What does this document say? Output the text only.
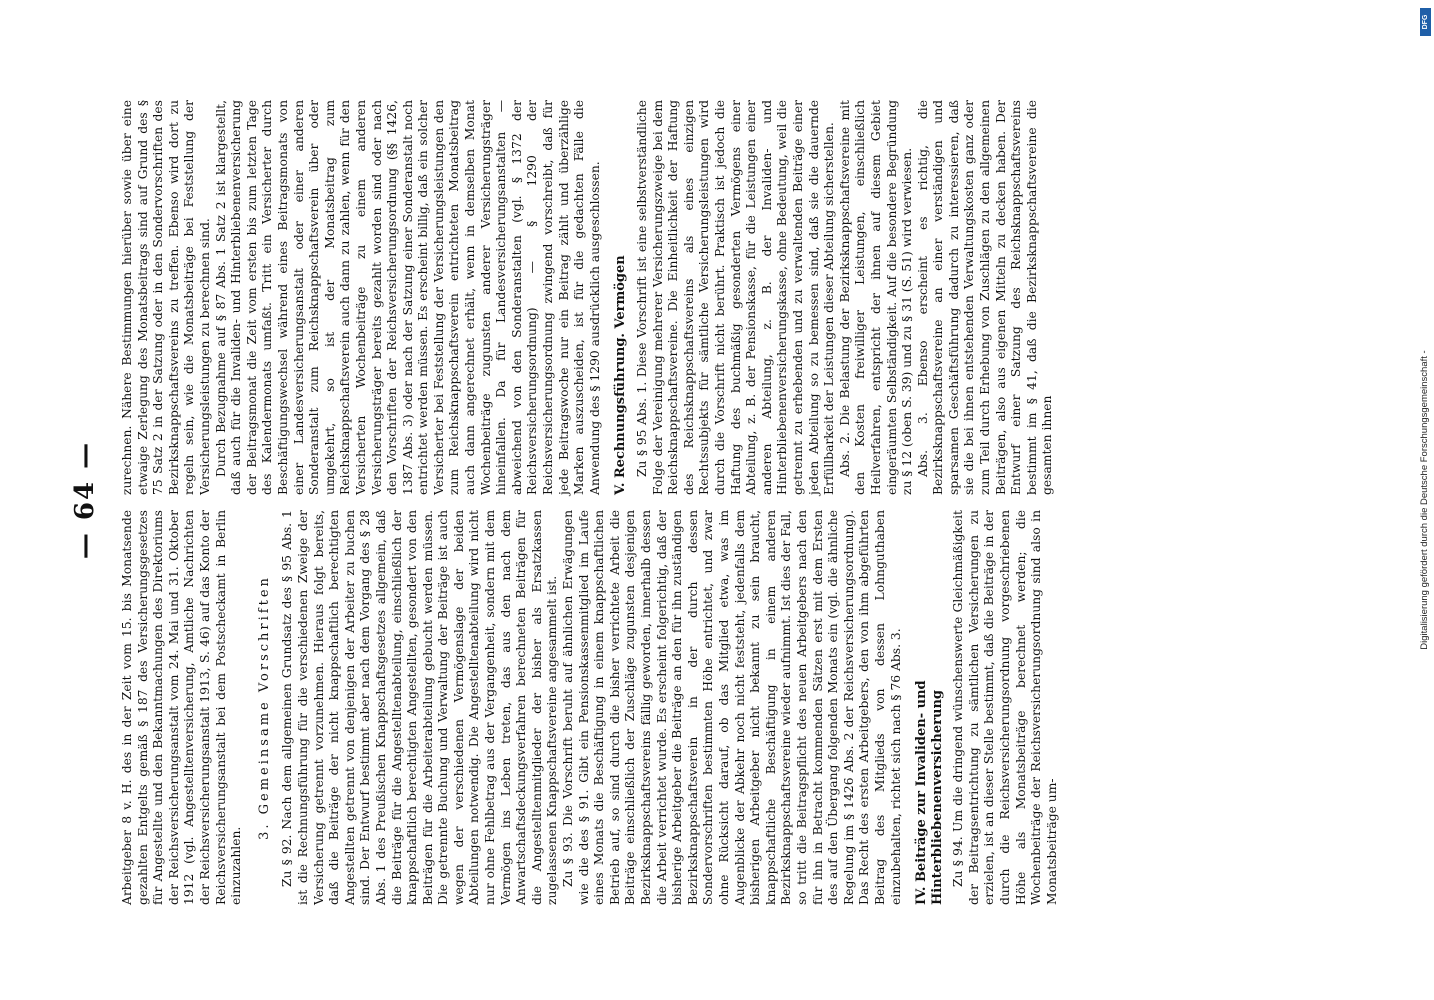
— 64 —

Arbeitgeber 8 v. H. des in der Zeit vom 15. bis Monatsende gezahlten Entgelts gemäß § 187 des Versicherungsgesetzes für Angestellte und den Bekanntmachungen des Direktoriums der Reichsversicherungsanstalt vom 24. Mai und 31. Oktober 1912 (vgl. Angestelltenversicherung, Amtliche Nachrichten der Reichsversicherungsanstalt 1913, S. 46) auf das Konto der Reichsversicherungsanstalt bei dem Postscheckamt in Berlin einzuzahlen.

3. Gemeinsame Vorschriften Zu § 92. Nach dem allgemeinen Grundsatz des § 95 Abs. 1 ist die Rechnungsführung für die verschiedenen Zweige der Versicherung getrennt vorzunehmen. Hieraus folgt bereits, daß die Beiträge der nicht knappschaftlich berechtigten Angestellten getrennt von denjenigen der Arbeiter zu buchen sind. Der Entwurf bestimmt aber nach dem Vorgang des § 28 Abs. 1 des Preußischen Knappschaftsgesetzes allgemein, daß die Beiträge für die Angestelltenabteilung, einschließlich der knappschaftlich berechtigten Angestellten, gesondert von den Beiträgen für die Arbeiterabteilung gebucht werden müssen. Die getrennte Buchung und Verwaltung der Beiträge ist auch wegen der verschiedenen Vermögenslage der beiden Abteilungen notwendig. Die Angestelltenabteilung wird nicht nur ohne Fehlbetrag aus der Vergangenheit, sondern mit dem Vermögen ins Leben treten, das aus den nach dem Anwartschaftsdeckungsverfahren berechneten Beiträgen für die Angestelltenmitglieder der bisher als Ersatzkassen zugelassenen Knappschaftsvereine angesammelt ist. Zu § 93. Die Vorschrift beruht auf ähnlichen Erwägungen wie die des § 91. Gibt ein Pensionskassenmitglied im Laufe eines Monats die Beschäftigung in einem knappschaftlichen Betrieb auf, so sind durch die bisher verrichtete Arbeit die Beiträge einschließlich der Zuschläge zugunsten desjenigen Bezirksknappschaftsvereins fällig geworden, innerhalb dessen die Arbeit verrichtet wurde. Es erscheint folgerichtig, daß der bisherige Arbeitgeber die Beiträge an den für ihn zuständigen Bezirksknappschaftsverein in der durch dessen Sondervorschriften bestimmten Höhe entrichtet, und zwar ohne Rücksicht darauf, ob das Mitglied etwa, was im Augenblicke der Abkehr noch nicht feststeht, jedenfalls dem bisherigen Arbeitgeber nicht bekannt zu sein braucht, knappschaftliche Beschäftigung in einem anderen Bezirksknappschaftsvereine wieder aufnimmt. Ist dies der Fall, so tritt die Beitragspflicht des neuen Arbeitgebers nach den für ihn in Betracht kommenden Sätzen erst mit dem Ersten des auf den Übergang folgenden Monats ein (vgl. die ähnliche Regelung im § 1426 Abs. 2 der Reichsversicherungsordnung). Das Recht des ersten Arbeitgebers, den von ihm abgeführten Beitrag des Mitglieds von dessen Lohnguthaben einzubehalten, richtet sich nach § 76 Abs. 3. IV. Beiträge zur Invaliden- und Hinterbliebenenversicherung Zu § 94. Um die dringend wünschenswerte Gleichmäßigkeit der Beitragsentrichtung zu sämtlichen Versicherungen zu erzielen, ist an dieser Stelle bestimmt, daß die Beiträge in der durch die Reichsversicherungsordnung vorgeschriebenen Höhe als Monatsbeiträge berechnet werden; die Wochenbeiträge der Reichsversicherungsordnung sind also in Monatsbeiträge um-

zurechnen. Nähere Bestimmungen hierüber sowie über eine etwaige Zerlegung des Monatsbeitrags sind auf Grund des § 75 Satz 2 in der Satzung oder in den Sondervorschriften des Bezirksknappschaftsvereins zu treffen. Ebenso wird dort zu regeln sein, wie die Monatsbeiträge bei Feststellung der Versicherungsleistungen zu berechnen sind. Durch Bezugnahme auf § 87 Abs. 1 Satz 2 ist klargestellt, daß auch für die Invaliden- und Hinterbliebenenversicherung der Beitragsmonat die Zeit vom ersten bis zum letzten Tage des Kalendermonats umfaßt. Tritt ein Versicherter durch Beschäftigungswechsel während eines Beitragsmonats von einer Landesversicherungsanstalt oder einer anderen Sonderanstalt zum Reichsknappschaftsverein über oder umgekehrt, so ist der Monatsbeitrag zum Reichsknappschaftsverein auch dann zu zahlen, wenn für den Versicherten Wochenbeiträge zu einem anderen Versicherungsträger bereits gezahlt worden sind oder nach den Vorschriften der Reichsversicherungsordnung (§§ 1426, 1387 Abs. 3) oder nach der Satzung einer Sonderanstalt noch entrichtet werden müssen. Es erscheint billig, daß ein solcher Versicherter bei Feststellung der Versicherungsleistungen den zum Reichsknappschaftsverein entrichteten Monatsbeitrag auch dann angerechnet erhält, wenn in demselben Monat Wochenbeiträge zugunsten anderer Versicherungsträger hineinfallen. Da für Landesversicherungsanstalten — abweichend von den Sonderanstalten (vgl. § 1372 der Reichsversicherungsordnung) — § 1290 der Reichsversicherungsordnung zwingend vorschreibt, daß für jede Beitragswoche nur ein Beitrag zählt und überzählige Marken auszuscheiden, ist für die gedachten Fälle die Anwendung des § 1290 ausdrücklich ausgeschlossen. V. Rechnungsführung. Vermögen Zu § 95 Abs. 1. Diese Vorschrift ist eine selbstverständliche Folge der Vereinigung mehrerer Versicherungszweige bei dem Reichsknappschaftsvereine. Die Einheitlichkeit der Haftung des Reichsknappschaftsvereins als eines einzigen Rechtssubjekts für sämtliche Versicherungsleistungen wird durch die Vorschrift nicht berührt. Praktisch ist jedoch die Haftung des buchmäßig gesonderten Vermögens einer Abteilung, z. B. der Pensionskasse, für die Leistungen einer anderen Abteilung, z. B. der Invaliden- und Hinterbliebenenversicherungskasse, ohne Bedeutung, weil die getrennt zu erhebenden und zu verwaltenden Beiträge einer jeden Abteilung so zu bemessen sind, daß sie die dauernde Erfüllbarkeit der Leistungen dieser Abteilung sicherstellen. Abs. 2. Die Belastung der Bezirksknappschaftsvereine mit den Kosten freiwilliger Leistungen, einschließlich Heilverfahren, entspricht der ihnen auf diesem Gebiet eingeräumten Selbständigkeit. Auf die besondere Begründung zu § 12 (oben S. 39) und zu § 31 (S. 51) wird verwiesen. Abs. 3. Ebenso erscheint es richtig, die Bezirksknappschaftsvereine an einer verständigen und sparsamen Geschäftsführung dadurch zu interessieren, daß sie die bei ihnen entstehenden Verwaltungskosten ganz oder zum Teil durch Erhebung von Zuschlägen zu den allgemeinen Beiträgen, also aus eigenen Mitteln zu decken haben. Der Entwurf einer Satzung des Reichsknappschaftsvereins bestimmt im § 41, daß die Bezirksknappschaftsvereine die gesamten ihnen	Digitalisierung gefördert durch die Deutsche Forschungsgemeinschaft -
DFG
